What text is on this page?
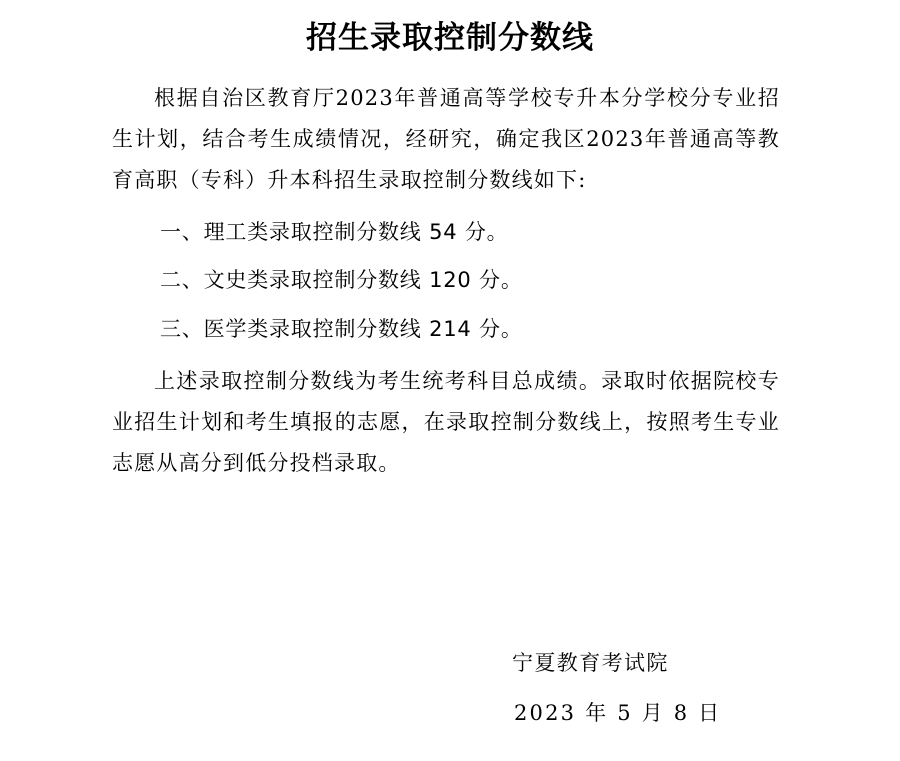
招生录取控制分数线
根据自治区教育厅2023年普通高等学校专升本分学校分专业招生计划，结合考生成绩情况，经研究，确定我区2023年普通高等教育高职（专科）升本科招生录取控制分数线如下:
一、理工类录取控制分数线 54 分。
二、文史类录取控制分数线 120 分。
三、医学类录取控制分数线 214 分。
上述录取控制分数线为考生统考科目总成绩。录取时依据院校专业招生计划和考生填报的志愿，在录取控制分数线上，按照考生专业志愿从高分到低分投档录取。
宁夏教育考试院
2023 年 5 月 8 日
